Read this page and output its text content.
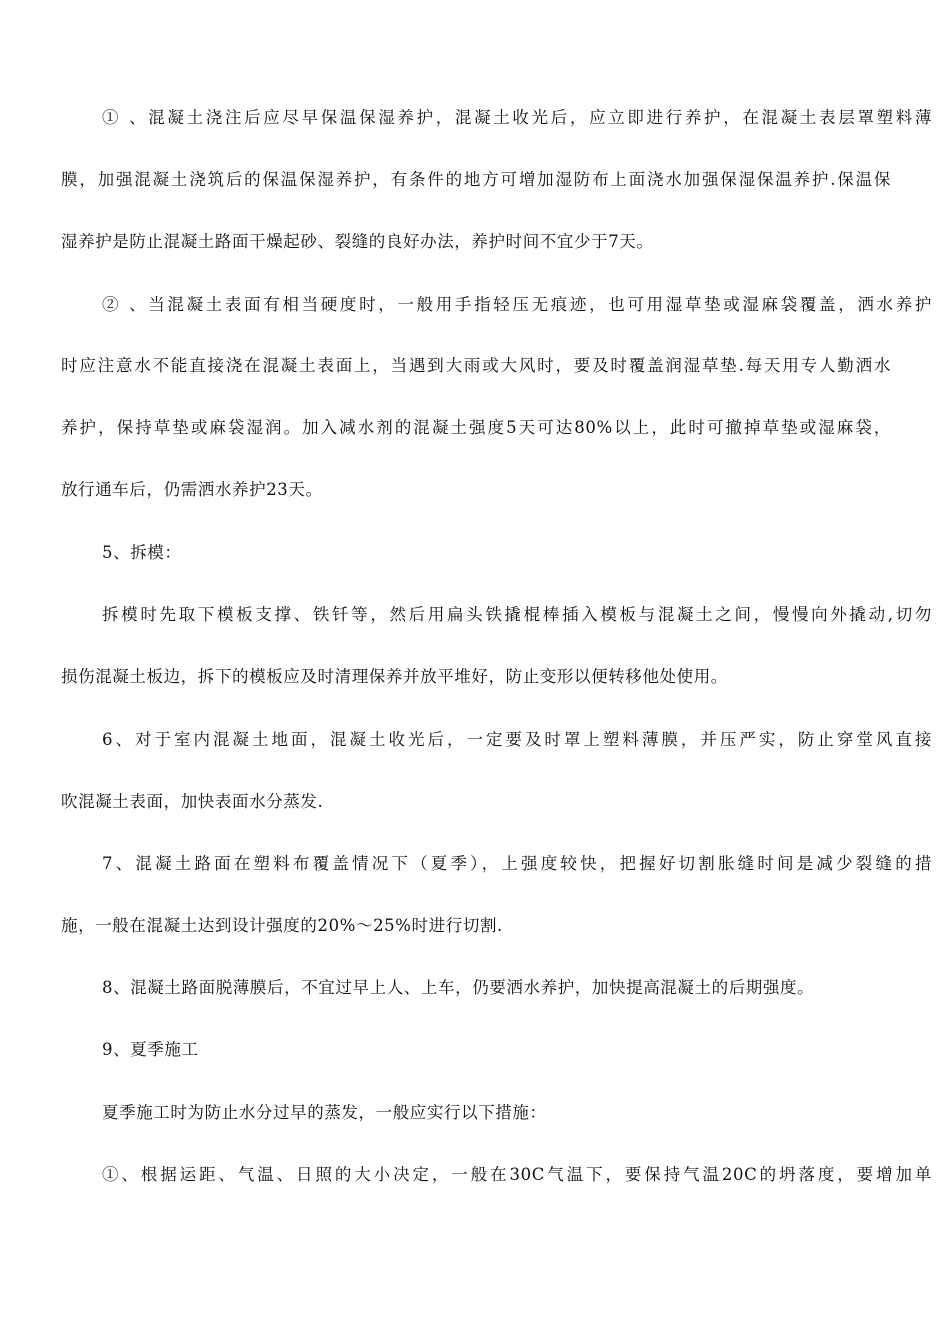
① 、混凝土浇注后应尽早保温保湿养护，混凝土收光后，应立即进行养护，在混凝土表层罩塑料薄
膜，加强混凝土浇筑后的保温保湿养护，有条件的地方可增加湿防布上面浇水加强保湿保温养护.保温保
湿养护是防止混凝土路面干燥起砂、裂缝的良好办法，养护时间不宜少于7天。
② 、当混凝土表面有相当硬度时，一般用手指轻压无痕迹，也可用湿草垫或湿麻袋覆盖，洒水养护
时应注意水不能直接浇在混凝土表面上，当遇到大雨或大风时，要及时覆盖润湿草垫.每天用专人勤洒水
养护，保持草垫或麻袋湿润。加入减水剂的混凝土强度5天可达80%以上，此时可撤掉草垫或湿麻袋，
放行通车后，仍需洒水养护23天。
5、拆模：
拆模时先取下模板支撑、铁钎等，然后用扁头铁撬棍棒插入模板与混凝土之间，慢慢向外撬动,切勿
损伤混凝土板边，拆下的模板应及时清理保养并放平堆好，防止变形以便转移他处使用。
6、对于室内混凝土地面，混凝土收光后，一定要及时罩上塑料薄膜，并压严实，防止穿堂风直接
吹混凝土表面，加快表面水分蒸发.
7、混凝土路面在塑料布覆盖情况下（夏季），上强度较快，把握好切割胀缝时间是减少裂缝的措
施，一般在混凝土达到设计强度的20%〜25%时进行切割.
8、混凝土路面脱薄膜后，不宜过早上人、上车，仍要洒水养护，加快提高混凝土的后期强度。
9、夏季施工
夏季施工时为防止水分过早的蒸发，一般应实行以下措施：
①、根据运距、气温、日照的大小决定，一般在30C气温下，要保持气温20C的坍落度，要增加单
